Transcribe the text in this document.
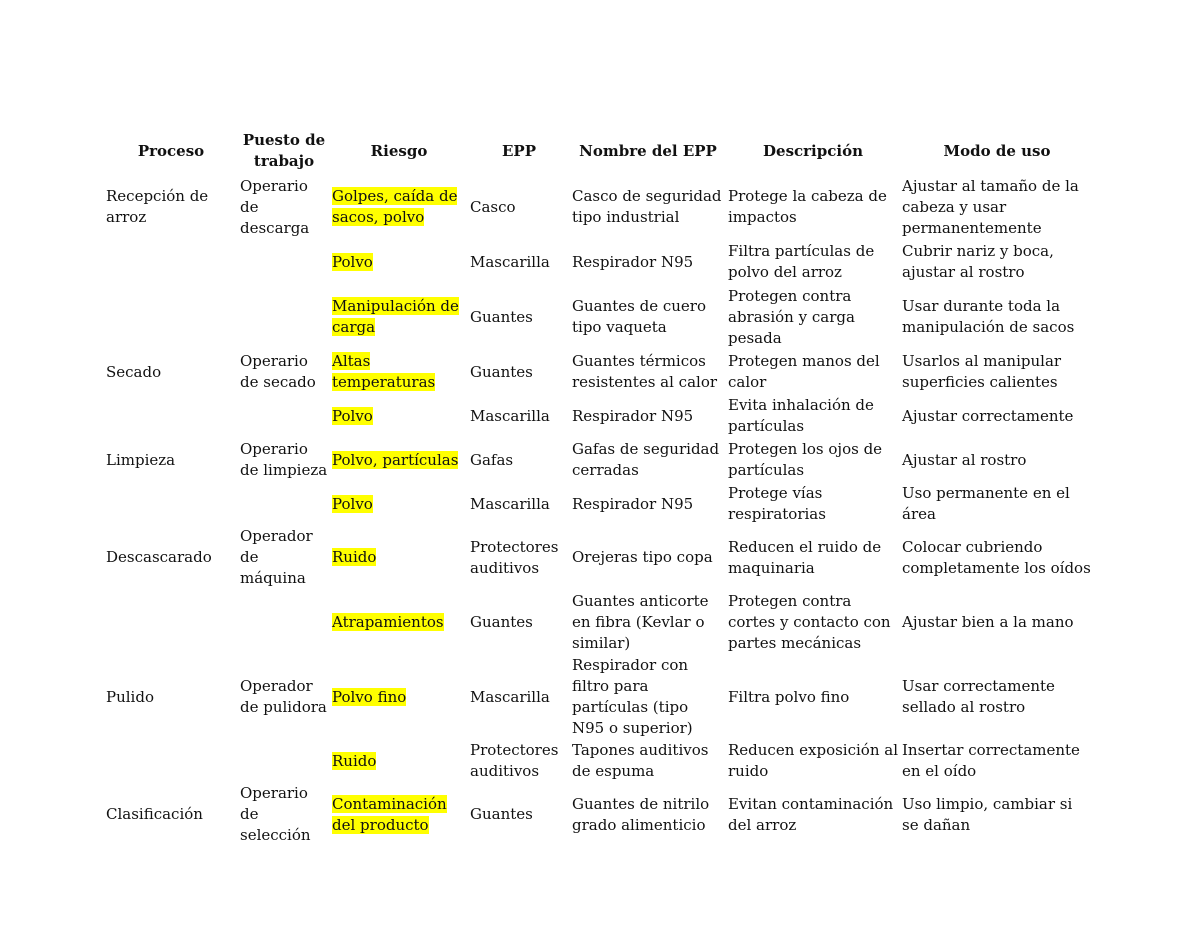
Proceso	Puesto de trabajo	Riesgo	EPP	Nombre del EPP	Descripción	Modo de uso
Recepción de arroz	Operario de descarga	Golpes, caída de sacos, polvo	Casco	Casco de seguridad tipo industrial	Protege la cabeza de impactos	Ajustar al tamaño de la cabeza y usar permanentemente
		Polvo	Mascarilla	Respirador N95	Filtra partículas de polvo del arroz	Cubrir nariz y boca, ajustar al rostro
		Manipulación de carga	Guantes	Guantes de cuero tipo vaqueta	Protegen contra abrasión y carga pesada	Usar durante toda la manipulación de sacos
Secado	Operario de secado	Altas temperaturas	Guantes	Guantes térmicos resistentes al calor	Protegen manos del calor	Usarlos al manipular superficies calientes
		Polvo	Mascarilla	Respirador N95	Evita inhalación de partículas	Ajustar correctamente
Limpieza	Operario de limpieza	Polvo, partículas	Gafas	Gafas de seguridad cerradas	Protegen los ojos de partículas	Ajustar al rostro
		Polvo	Mascarilla	Respirador N95	Protege vías respiratorias	Uso permanente en el área
Descascarado	Operador de máquina	Ruido	Protectores auditivos	Orejeras tipo copa	Reducen el ruido de maquinaria	Colocar cubriendo completamente los oídos
		Atrapamientos	Guantes	Guantes anticorte en fibra (Kevlar o similar)	Protegen contra cortes y contacto con partes mecánicas	Ajustar bien a la mano
Pulido	Operador de pulidora	Polvo fino	Mascarilla	Respirador con filtro para partículas (tipo N95 o superior)	Filtra polvo fino	Usar correctamente sellado al rostro
		Ruido	Protectores auditivos	Tapones auditivos de espuma	Reducen exposición al ruido	Insertar correctamente en el oído
Clasificación	Operario de selección	Contaminación del producto	Guantes	Guantes de nitrilo grado alimenticio	Evitan contaminación del arroz	Uso limpio, cambiar si se dañan
